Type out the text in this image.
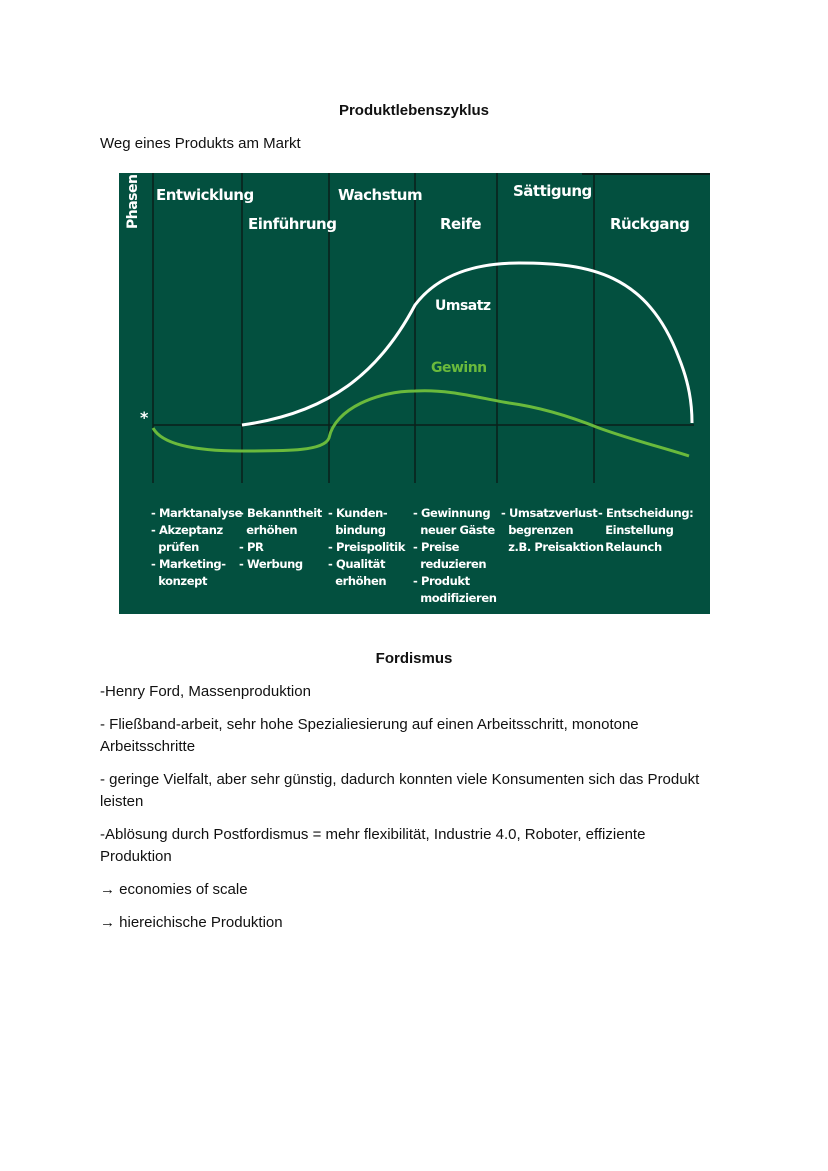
Produktlebenszyklus
Weg eines Produkts am Markt
Phasen:
*
Entwicklung
Einführung
Wachstum
Reife
Sättigung
Rückgang
Umsatz
Gewinn
- Marktanalyse
- Akzeptanz
prüfen
- Marketing-
konzept
- Bekanntheit
erhöhen
- PR
- Werbung
- Kunden-
bindung
- Preispolitik
- Qualität
erhöhen
- Gewinnung
neuer Gäste
- Preise
reduzieren
- Produkt
modifizieren
- Umsatzverlust
begrenzen
z.B. Preisaktion
- Entscheidung:
Einstellung
Relaunch
Fordismus
-Henry Ford, Massenproduktion
- Fließband-arbeit, sehr hohe Spezialiesierung auf einen Arbeitsschritt, monotone Arbeitsschritte
- geringe Vielfalt, aber sehr günstig, dadurch konnten viele Konsumenten sich das Produkt leisten
-Ablösung durch Postfordismus = mehr flexibilität, Industrie 4.0, Roboter, effiziente Produktion
→ economies of scale
→ hiereichische Produktion
